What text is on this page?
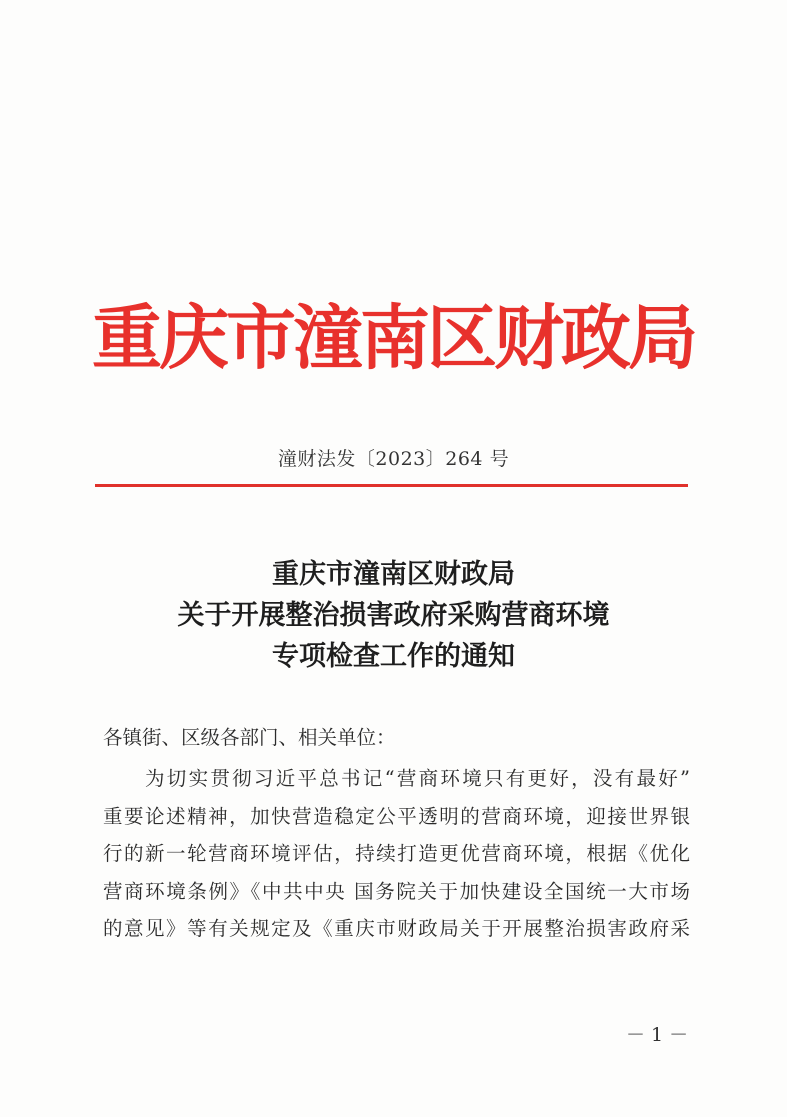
重庆市潼南区财政局
潼财法发〔2023〕264 号
重庆市潼南区财政局
关于开展整治损害政府采购营商环境
专项检查工作的通知
各镇街、区级各部门、相关单位：
为切实贯彻习近平总书记“营商环境只有更好，没有最好”
重要论述精神，加快营造稳定公平透明的营商环境，迎接世界银
行的新一轮营商环境评估，持续打造更优营商环境，根据《优化
营商环境条例》《中共中央 国务院关于加快建设全国统一大市场
的意见》等有关规定及《重庆市财政局关于开展整治损害政府采
－ 1 －
